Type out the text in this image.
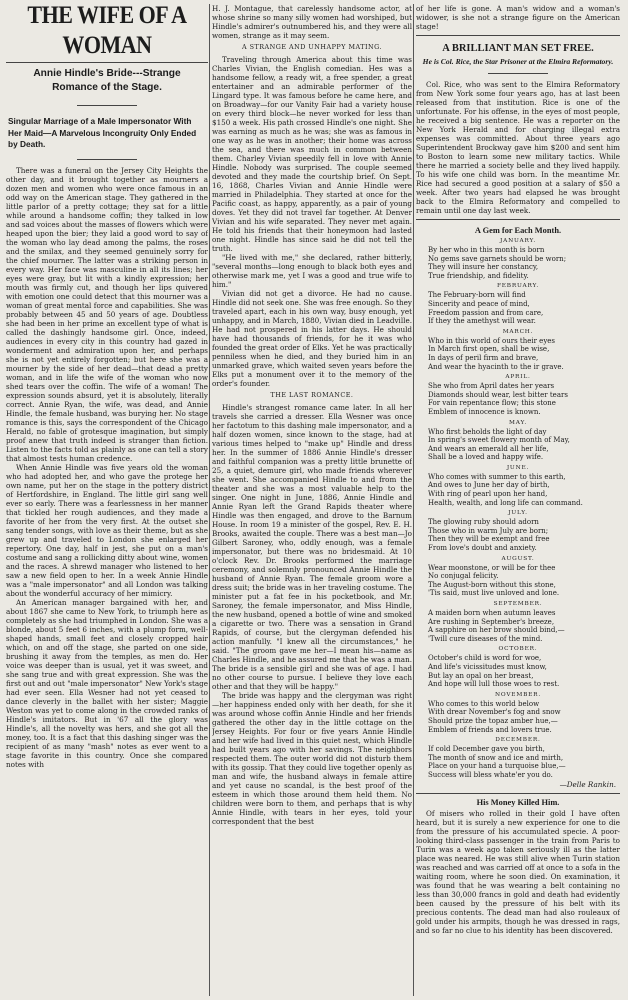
THE WIFE OF A WOMAN
Annie Hindle's Bride---Strange Romance of the Stage.
Singular Marriage of a Male Impersonator With Her Maid—A Marvelous Incongruity Only Ended by Death.

There was a funeral on the Jersey City Heights the other day, and it brought together as mourners a dozen men and women who were once famous in an odd way on the American stage. They gathered in the little parlor of a pretty cottage; they sat for a little while around a handsome coffin; they talked in low and sad voices about the masses of flowers which were heaped upon the bier; they laid a good word to say of the woman who lay dead among the palms, the roses and the smilax, and they seemed genuinely sorry for the chief mourner. The latter was a striking person in every way. Her face was masculine in all its lines; her eyes were gray, but lit with a kindly expression; her mouth was firmly cut, and though her lips quivered with emotion one could detect that this mourner was a woman of great mental force and capabilities. She was probably between 45 and 50 years of age. Doubtless she had been in her prime an excellent type of what is called the dashingly handsome girl. Once, indeed, audiences in every city in this country had gazed in wonderment and admiration upon her, and perhaps she is not yet entirely forgotten; but here she was a mourner by the side of her dead—that dead a pretty woman, and in life the wife of the woman who now shed tears over the coffin. The wife of a woman! The expression sounds absurd, yet it is absolutely, literally correct. Annie Ryan, the wife, was dead, and Annie Hindle, the female husband, was burying her. No stage romance is this, says the correspondent of the Chicago Herald, no fable of grotesque imagination, but simply proof anew that truth indeed is stranger than fiction. Listen to the facts told as plainly as one can tell a story that almost tests human credence.

When Annie Hindle was five years old the woman who had adopted her, and who gave the protege her own name, put her on the stage in the pottery district of Hertfordshire, in England. The little girl sang well ever so early. There was a fearlessness in her manner that tickled her rough audiences, and they made a favorite of her from the very first. At the outset she sang tender songs, with love as their theme, but as she grew up and traveled to London she enlarged her repertory. One day, half in jest, she put on a man's costume and sang a rollicking ditty about wine, women and the races. A shrewd manager who listened to her saw a new field open to her. In a week Annie Hindle was a "male impersonator" and all London was talking about the wonderful accuracy of her mimicry.

An American manager bargained with her, and about 1867 she came to New York, to triumph here as completely as she had triumphed in London. She was a blonde, about 5 feet 6 inches, with a plump form, well-shaped hands, small feet and closely cropped hair which, on and off the stage, she parted on one side, brushing it away from the temples, as men do. Her voice was deeper than is usual, yet it was sweet, and she sang true and with great expression. She was the first out and out "male impersonator" New York's stage had ever seen. Ella Wesner had not yet ceased to dance cleverly in the ballet with her sister; Maggie Weston was yet to come along in the crowded ranks of Hindle's imitators. But in '67 all the glory was Hindle's, all the novelty was hers, and she got all the money, too. It is a fact that this dashing singer was the recipient of as many "mash" notes as ever went to a stage favorite in this country. Once she compared notes with

H. J. Montague, that carelessly handsome actor, at whose shrine so many silly women had worshiped, but Hindle's admirer's outnumbered his, and they were all women, strange as it may seem.

A STRANGE AND UNHAPPY MATING.

Traveling through America about this time was Charles Vivian, the English comedian. Hes was a handsome fellow, a ready wit, a free spender, a great entertainer and an admirable performer of the Lingard type. It was famous before he came here, and on Broadway—for our Vanity Fair had a variety house on every third block—he never worked for less than $150 a week. His path crossed Hindle's one night. She was earning as much as he was; she was as famous in one way as he was in another; their home was across the sea, and there was much in common between them. Charley Vivian speedily fell in love with Annie Hindle. Nobody was surprised. The couple seemed devoted and they made the courtship brief. On Sept. 16, 1868, Charles Vivian and Annie Hindle were married in Philadelphia. They started at once for the Pacific coast, as happy, apparently, as a pair of young doves. Yet they did not travel far together. At Denver Vivian and his wife separated. They never met again. He told his friends that their honeymoon had lasted one night. Hindle has since said he did not tell the truth.

"He lived with me," she declared, rather bitterly, "several months—long enough to black both eyes and otherwise mark me, yet I was a good and true wife to him."

Vivian did not get a divorce. He had no cause. Hindle did not seek one. She was free enough. So they traveled apart, each in his own way, busy enough, yet unhappy, and in March, 1880, Vivian died in Leadville. He had not prospered in his latter days. He should have had thousands of friends, for he it was who founded the great order of Elks. Yet he was practically penniless when he died, and they buried him in an unmarked grave, which waited seven years before the Elks put a monument over it to the memory of the order's founder.

THE LAST ROMANCE.

Hindle's strangest romance came later. In all her travels she carried a dresser. Ella Wesner was once her factotum to this dashing male impersonator, and a half dozen women, since known to the stage, had at various times helped to "make up" Hindle and dress her. In the summer of 1886 Annie Hindle's dresser and faithful companion was a pretty little brunette of 25, a quiet, demure girl, who made friends wherever she went. She accompanied Hindle to and from the theater and she was a most valuable help to the singer. One night in June, 1886, Annie Hindle and Annie Ryan left the Grand Rapids theater where Hindle was then engaged, and drove to the Barnum House. In room 19 a minister of the gospel, Rev. E. H. Brooks, awaited the couple. There was a best man—Jo Gilbert Saroney, who, oddly enough, was a female impersonator, but there was no bridesmaid. At 10 o'clock Rev. Dr. Brooks performed the marriage ceremony, and solemnly pronounced Annie Hindle the husband of Annie Ryan. The female groom wore a dress suit; the bride was in her traveling costume. The minister put a fat fee in his pocketbook, and Mr. Saroney, the female impersonator, and Miss Hindle, the new husband, opened a bottle of wine and smoked a cigarette or two. There was a sensation in Grand Rapids, of course, but the clergyman defended his action manfully. "I knew all the circumstances," he said. "The groom gave me her—I mean his—name as Charles Hindle, and he assured me that he was a man. The bride is a sensible girl and she was of age. I had no other course to pursue. I believe they love each other and that they will be happy."

The bride was happy and the clergyman was right—her happiness ended only with her death, for she it was around whose coffin Annie Hindle and her friends gathered the other day in the little cottage on the Jersey Heights. For four or five years Annie Hindle and her wife had lived in this quiet nest, which Hindle had built years ago with her savings. The neighbors respected them. The outer world did not disturb them with its gossip. That they could live together openly as man and wife, the husband always in female attire and yet cause no scandal, is the best proof of the esteem in which those around them held them. No children were born to them, and perhaps that is why Annie Hindle, with tears in her eyes, told your correspondent that the best

of her life is gone. A man's widow and a woman's widower, is she not a strange figure on the American stage!

A BRILLIANT MAN SET FREE.
He is Col. Rice, the Star Prisoner at the Elmira Reformatory.

Col. Rice, who was sent to the Elmira Reformatory from New York some four years ago, has at last been released from that institution. Rice is one of the unfortunate. For his offense, in the eyes of most people, he received a big sentence. He was a reporter on the New York Herald and for charging illegal extra expenses was committed. About three years ago Superintendent Brockway gave him $200 and sent him to Boston to learn some new military tactics. While there he married a society belle and they lived happily. To his wife one child was born. In the meantime Mr. Rice had secured a good position at a salary of $50 a week. After two years had elapsed he was brought back to the Elmira Reformatory and compelled to remain until one day last week.

A Gem for Each Month.
JANUARY.
By her who in this month is born
No gems save garnets should be worn;
They will insure her constancy,
True friendship, and fidelity.
FEBRUARY.
The February-born will find
Sincerity and peace of mind,
Freedom passion and from care,
If they the amethyst will wear.
MARCH.
Who in this world of ours their eyes
In March first open, shall be wise,
In days of peril firm and brave,
And wear the hyacinth to the ir grave.
APRIL.
She who from April dates her years
Diamonds should wear, lest bitter tears
For vain repentance flow; this stone
Emblem of innocence is known.
MAY.
Who first beholds the light of day
In spring's sweet flowery month of May,
And wears an emerald all her life,
Shall be a loved and happy wife.
JUNE.
Who comes with summer to this earth,
And owes to June her day of birth,
With ring of pearl upon her hand,
Health, wealth, and long life can command.
JULY.
The glowing ruby should adorn
Those who in warm July are born;
Then they will be exempt and free
From love's doubt and anxiety.
AUGUST.
Wear moonstone, or will be for thee
No conjugal felicity.
The August-born without this stone,
'Tis said, must live unloved and lone.
SEPTEMBER.
A maiden born when autumn leaves
Are rushing in September's breeze,
A sapphire on her brow should bind,—
'Twill cure diseases of the mind.
OCTOBER.
October's child is word for woe,
And life's vicissitudes must know,
But lay an opal on her breast,
And hope will lull those woes to rest.
NOVEMBER.
Who comes to this world below
With drear November's fog and snow
Should prize the topaz amber hue,—
Emblem of friends and lovers true.
DECEMBER.
If cold December gave you birth,
The month of snow and ice and mirth,
Place on your hand a turquoise blue,—
Success will bless whate'er you do.
—Delle Rankin.
His Money Killed Him.

Of misers who rolled in their gold I have often heard, but it is surely a new experience for one to die from the pressure of his accumulated specie. A poor-looking third-class passenger in the train from Paris to Turin was a week ago taken seriously ill as the latter place was neared. He was still alive when Turin station was reached and was carried off at once to a sofa in the waiting room, where he soon died. On examination, it was found that he was wearing a belt containing no less than 30,000 francs in gold and death had evidently been caused by the pressure of his belt with its precious contents. The dead man had also rouleaux of gold under his armpits, though he was dressed in rags, and so far no clue to his identity has been discovered.
